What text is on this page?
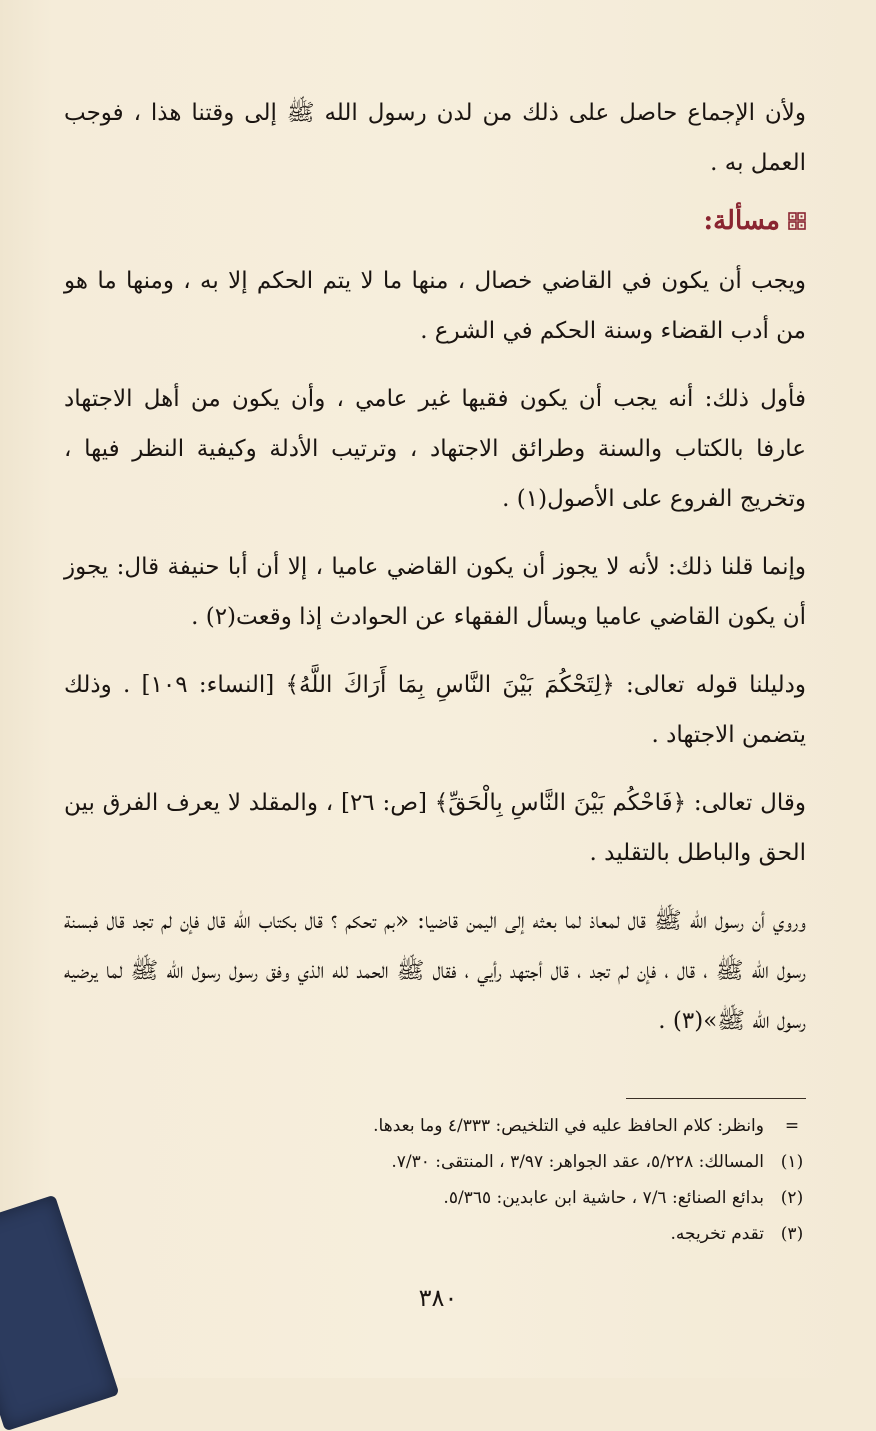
ولأن الإجماع حاصل على ذلك من لدن رسول الله ﷺ إلى وقتنا هذا ، فوجب العمل به .

مسألة:

ويجب أن يكون في القاضي خصال ، منها ما لا يتم الحكم إلا به ، ومنها ما هو من أدب القضاء وسنة الحكم في الشرع .

فأول ذلك: أنه يجب أن يكون فقيها غير عامي ، وأن يكون من أهل الاجتهاد عارفا بالكتاب والسنة وطرائق الاجتهاد ، وترتيب الأدلة وكيفية النظر فيها ، وتخريج الفروع على الأصول(١) .

وإنما قلنا ذلك: لأنه لا يجوز أن يكون القاضي عاميا ، إلا أن أبا حنيفة قال: يجوز أن يكون القاضي عاميا ويسأل الفقهاء عن الحوادث إذا وقعت(٢) .

ودليلنا قوله تعالى: ﴿لِتَحْكُمَ بَيْنَ النَّاسِ بِمَا أَرَاكَ اللَّهُ﴾ [النساء: ١٠٩] . وذلك يتضمن الاجتهاد .

وقال تعالى: ﴿فَاحْكُم بَيْنَ النَّاسِ بِالْحَقِّ﴾ [ص: ٢٦] ، والمقلد لا يعرف الفرق بين الحق والباطل بالتقليد .

وروي أن رسول الله ﷺ قال لمعاذ لما بعثه إلى اليمن قاضيا: «بم تحكم ؟ قال بكتاب الله قال فإن لم تجد قال فبسنة رسول الله ﷺ ، قال ، فإن لم تجد ، قال أجتهد رأيي ، فقال ﷺ الحمد لله الذي وفق رسول رسول الله ﷺ لما يرضيه رسول الله ﷺ»(٣) .

=
وانظر: كلام الحافظ عليه في التلخيص: ٤/٣٣٣ وما بعدها.
(١)
المسالك: ٥/٢٢٨، عقد الجواهر: ٣/٩٧ ، المنتقى: ٧/٣٠.
(٢)
بدائع الصنائع: ٧/٦ ، حاشية ابن عابدين: ٥/٣٦٥.
(٣)
تقدم تخريجه.
٣٨٠
